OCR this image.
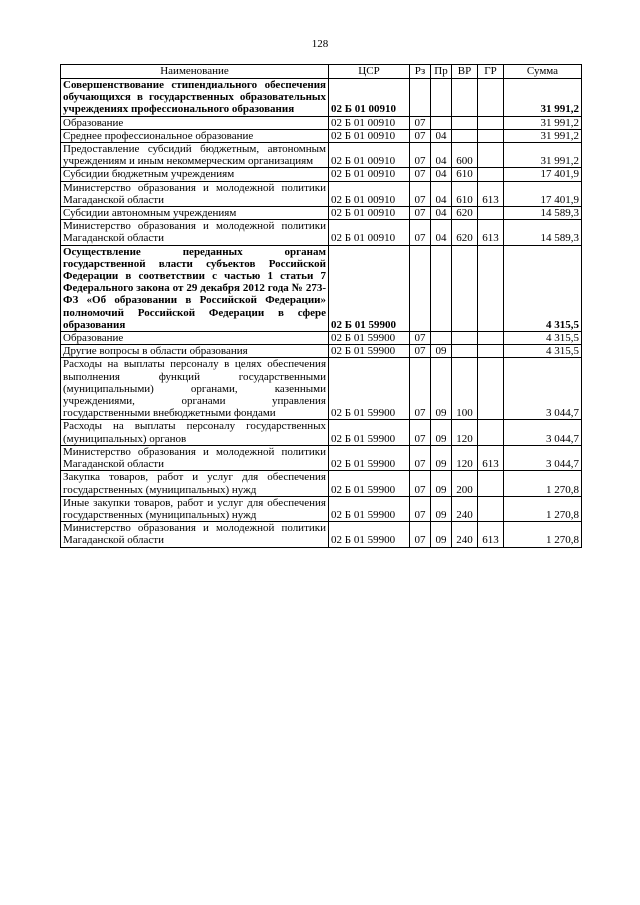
128
Наименование	ЦСР	Рз	Пр	ВР	ГР	Сумма
Совершенствование стипендиального обеспечения обучающихся в государственных образовательных учреждениях профессионального образования	02 Б 01 00910					31 991,2
Образование	02 Б 01 00910	07				31 991,2
Среднее профессиональное образование	02 Б 01 00910	07	04			31 991,2
Предоставление субсидий бюджетным, автономным учреждениям и иным некоммерческим организациям	02 Б 01 00910	07	04	600		31 991,2
Субсидии бюджетным учреждениям	02 Б 01 00910	07	04	610		17 401,9
Министерство образования и молодежной политики Магаданской области	02 Б 01 00910	07	04	610	613	17 401,9
Субсидии автономным учреждениям	02 Б 01 00910	07	04	620		14 589,3
Министерство образования и молодежной политики Магаданской области	02 Б 01 00910	07	04	620	613	14 589,3
Осуществление переданных органам государственной власти субъектов Российской Федерации в соответствии с частью 1 статьи 7 Федерального закона от 29 декабря 2012 года № 273-ФЗ «Об образовании в Российской Федерации» полномочий Российской Федерации в сфере образования	02 Б 01 59900					4 315,5
Образование	02 Б 01 59900	07				4 315,5
Другие вопросы в области образования	02 Б 01 59900	07	09			4 315,5
Расходы на выплаты персоналу в целях обеспечения выполнения функций государственными (муниципальными) органами, казенными учреждениями, органами управления государственными внебюджетными фондами	02 Б 01 59900	07	09	100		3 044,7
Расходы на выплаты персоналу государственных (муниципальных) органов	02 Б 01 59900	07	09	120		3 044,7
Министерство образования и молодежной политики Магаданской области	02 Б 01 59900	07	09	120	613	3 044,7
Закупка товаров, работ и услуг для обеспечения государственных (муниципальных) нужд	02 Б 01 59900	07	09	200		1 270,8
Иные закупки товаров, работ и услуг для обеспечения государственных (муниципальных) нужд	02 Б 01 59900	07	09	240		1 270,8
Министерство образования и молодежной политики Магаданской области	02 Б 01 59900	07	09	240	613	1 270,8
